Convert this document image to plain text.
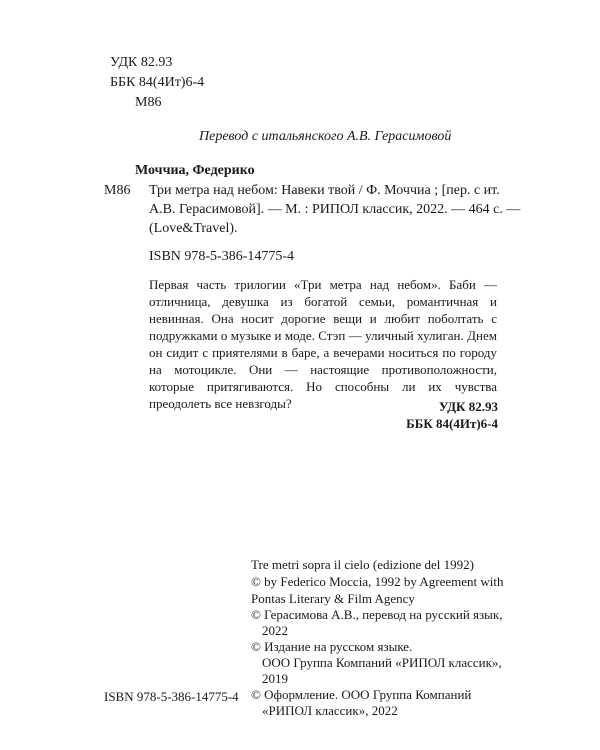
УДК 82.93
ББК 84(4Ит)6-4
М86
Перевод с итальянского А.В. Герасимовой
Моччиа, Федерико
М86 Три метра над небом: Навеки твой / Ф. Моччиа ; [пер. с ит.
А.В. Герасимовой]. — М. : РИПОЛ классик, 2022. — 464 с. —
(Love&Travel).
ISBN 978-5-386-14775-4
Первая часть трилогии «Три метра над небом». Баби — отличница, девушка из богатой семьи, романтичная и невинная. Она носит дорогие вещи и любит поболтать с подружками о музыке и моде. Стэп — уличный хулиган. Днем он сидит с приятелями в баре, а вечерами носиться по городу на мотоцикле. Они — настоящие противоположности, которые притягиваются. Но способны ли их чувства преодолеть все невзгоды?	УДК 82.93
ББК 84(4Ит)6-4
Tre metri sopra il cielo (edizione del 1992)
© by Federico Moccia, 1992 by Agreement with
Pontas Literary & Film Agency
© Герасимова А.В., перевод на русский язык,
2022
© Издание на русском языке.
ООО Группа Компаний «РИПОЛ классик»,
2019
© Оформление. ООО Группа Компаний
«РИПОЛ классик», 2022
ISBN 978-5-386-14775-4
